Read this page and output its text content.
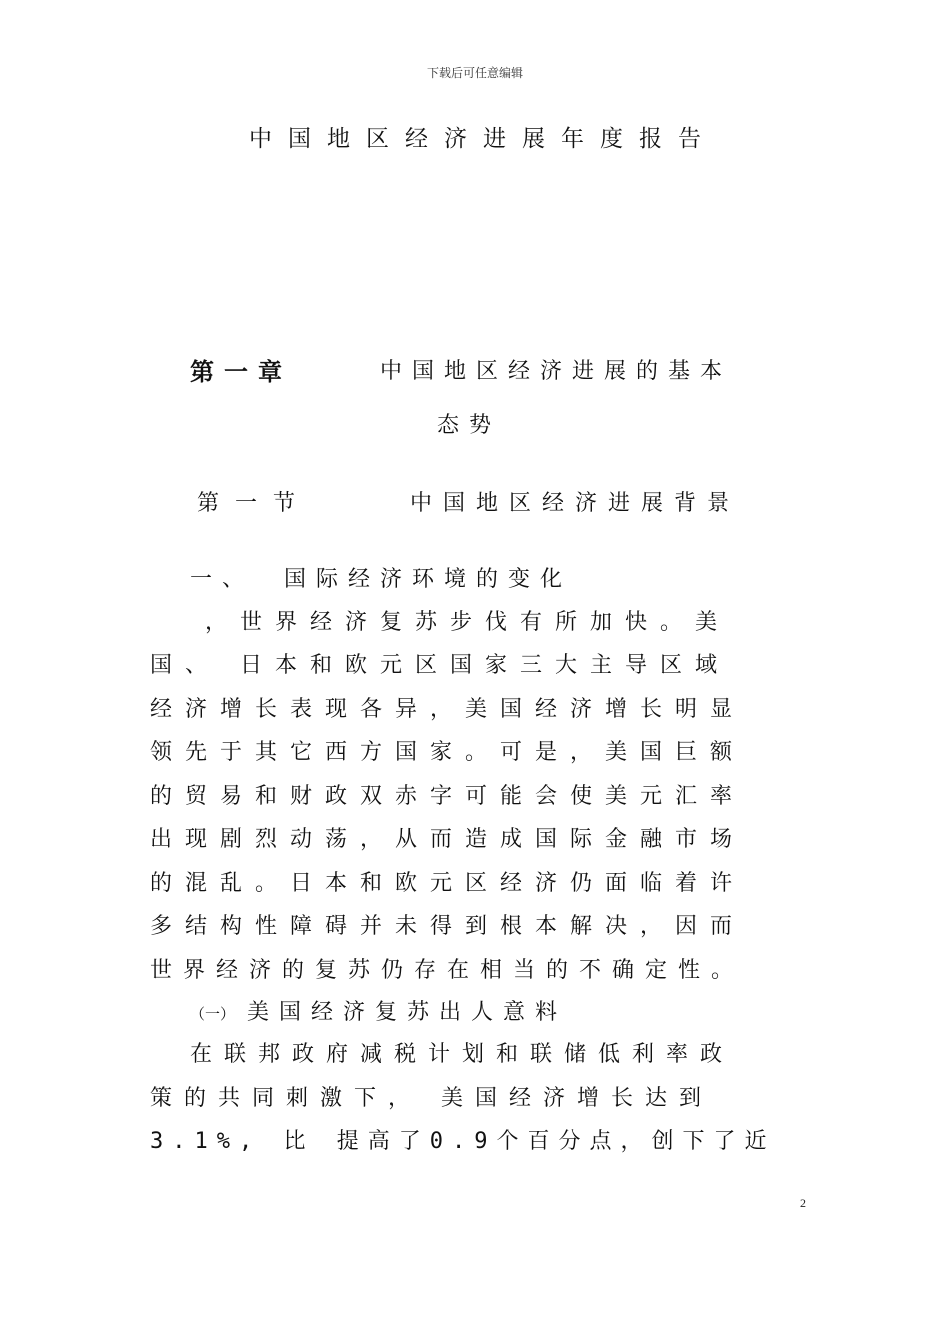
下载后可任意编辑
中国地区经济进展年度报告
第一章	中国地区经济进展的基本
态势
第一节	中国地区经济进展背景
一、 国际经济环境的变化
，世界经济复苏步伐有所加快。美
国、 日本和欧元区国家三大主导区域
经济增长表现各异，美国经济增长明显
领先于其它西方国家。可是，美国巨额
的贸易和财政双赤字可能会使美元汇率
出现剧烈动荡，从而造成国际金融市场
的混乱。日本和欧元区经济仍面临着许
多结构性障碍并未得到根本解决，因而
世界经济的复苏仍存在相当的不确定性。
（一） 美国经济复苏出人意料
在联邦政府减税计划和联储低利率政
策的共同刺激下， 美国经济增长达到
3.1%, 比 提高了0.9个百分点，创下了近
2
